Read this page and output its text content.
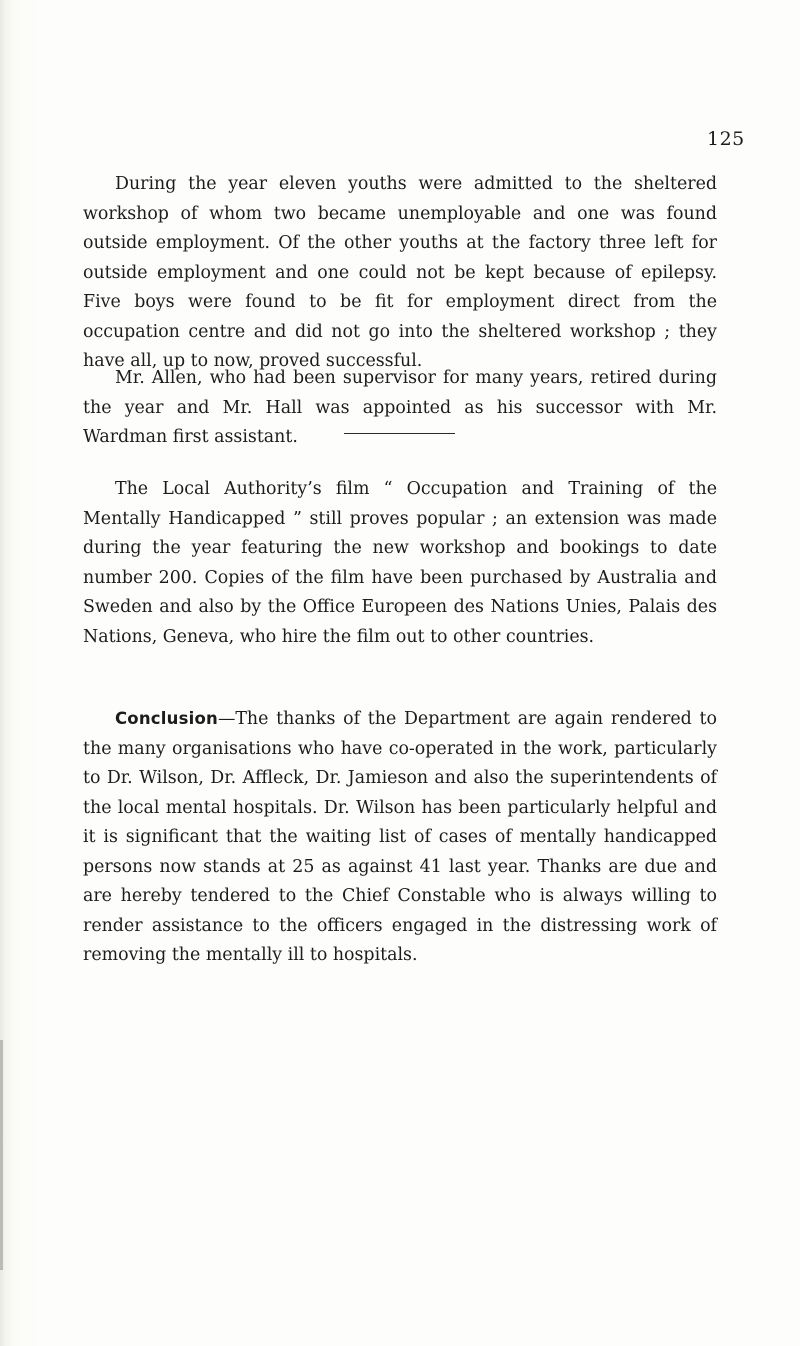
125

During the year eleven youths were admitted to the sheltered workshop of whom two became unemployable and one was found outside employment. Of the other youths at the factory three left for outside employment and one could not be kept because of epilepsy. Five boys were found to be fit for employment direct from the occupation centre and did not go into the sheltered workshop ; they have all, up to now, proved successful.

Mr. Allen, who had been supervisor for many years, retired during the year and Mr. Hall was appointed as his successor with Mr. Wardman first assistant.

The Local Authority’s film “ Occupation and Training of the Mentally Handicapped ” still proves popular ; an extension was made during the year featuring the new workshop and bookings to date number 200. Copies of the film have been purchased by Australia and Sweden and also by the Office Europeen des Nations Unies, Palais des Nations, Geneva, who hire the film out to other countries.

Conclusion—The thanks of the Department are again rendered to the many organisations who have co-operated in the work, particularly to Dr. Wilson, Dr. Affleck, Dr. Jamieson and also the superintendents of the local mental hospitals. Dr. Wilson has been particularly helpful and it is significant that the waiting list of cases of mentally handicapped persons now stands at 25 as against 41 last year. Thanks are due and are hereby tendered to the Chief Constable who is always willing to render assistance to the officers engaged in the distressing work of removing the mentally ill to hospitals.
